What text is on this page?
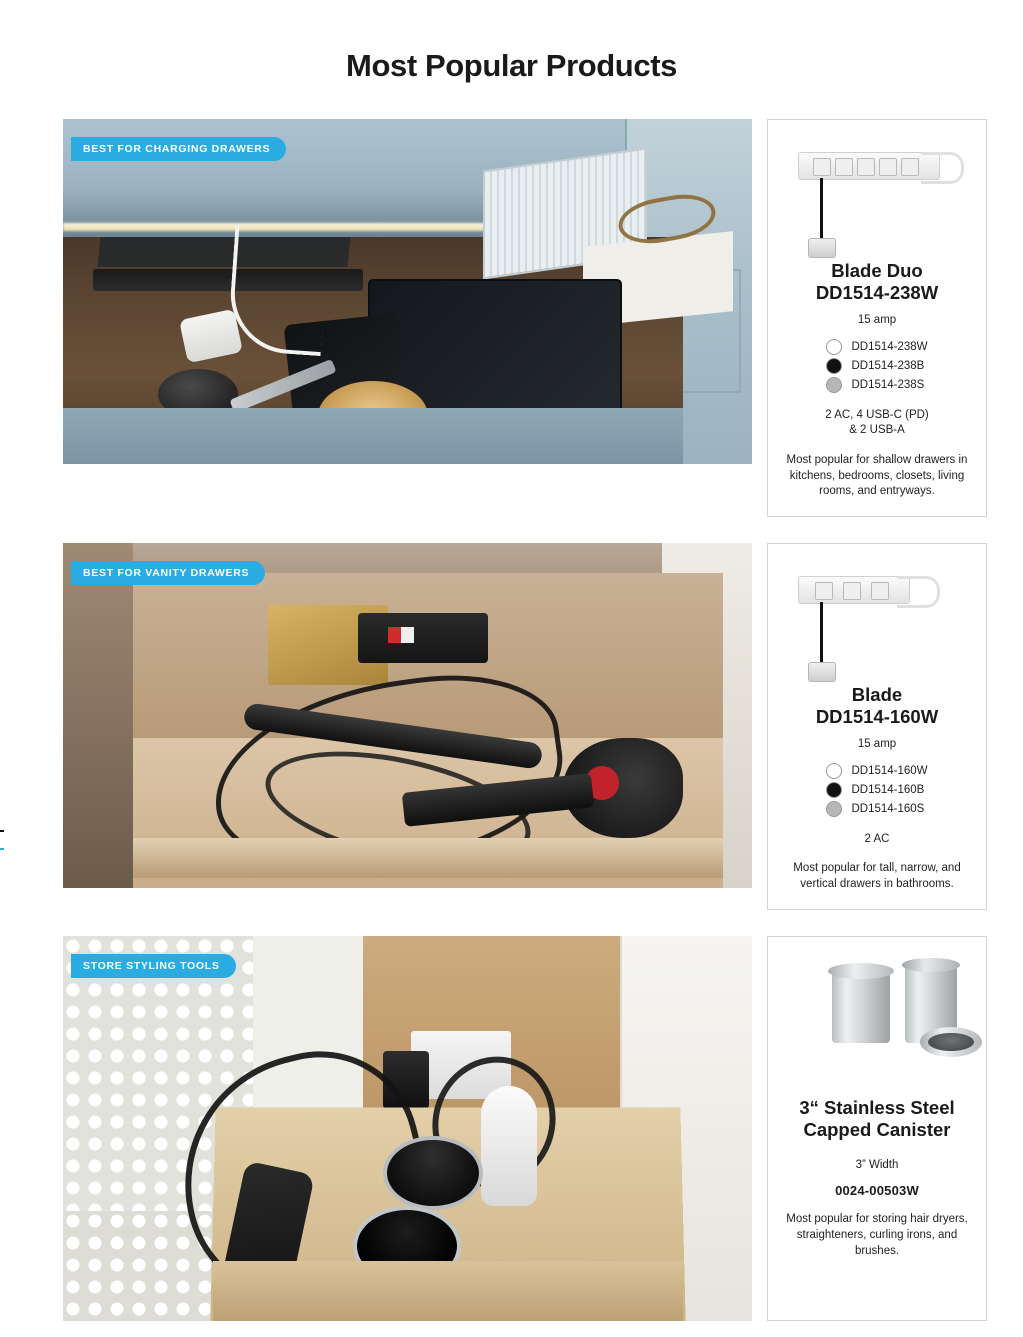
Most Popular Products
BEST FOR CHARGING DRAWERS
Blade Duo
DD1514-238W
15 amp
DD1514-238W
DD1514-238B
DD1514-238S
2 AC, 4 USB-C (PD)
& 2 USB-A
Most popular for shallow drawers in kitchens, bedrooms, closets, living rooms, and entryways.
BEST FOR VANITY DRAWERS
Blade
DD1514-160W
15 amp
DD1514-160W
DD1514-160B
DD1514-160S
2 AC
Most popular for tall, narrow, and vertical drawers in bathrooms.
STORE STYLING TOOLS
3“ Stainless Steel
Capped Canister
3” Width
0024-00503W
Most popular for storing hair dryers, straighteners, curling irons, and brushes.
